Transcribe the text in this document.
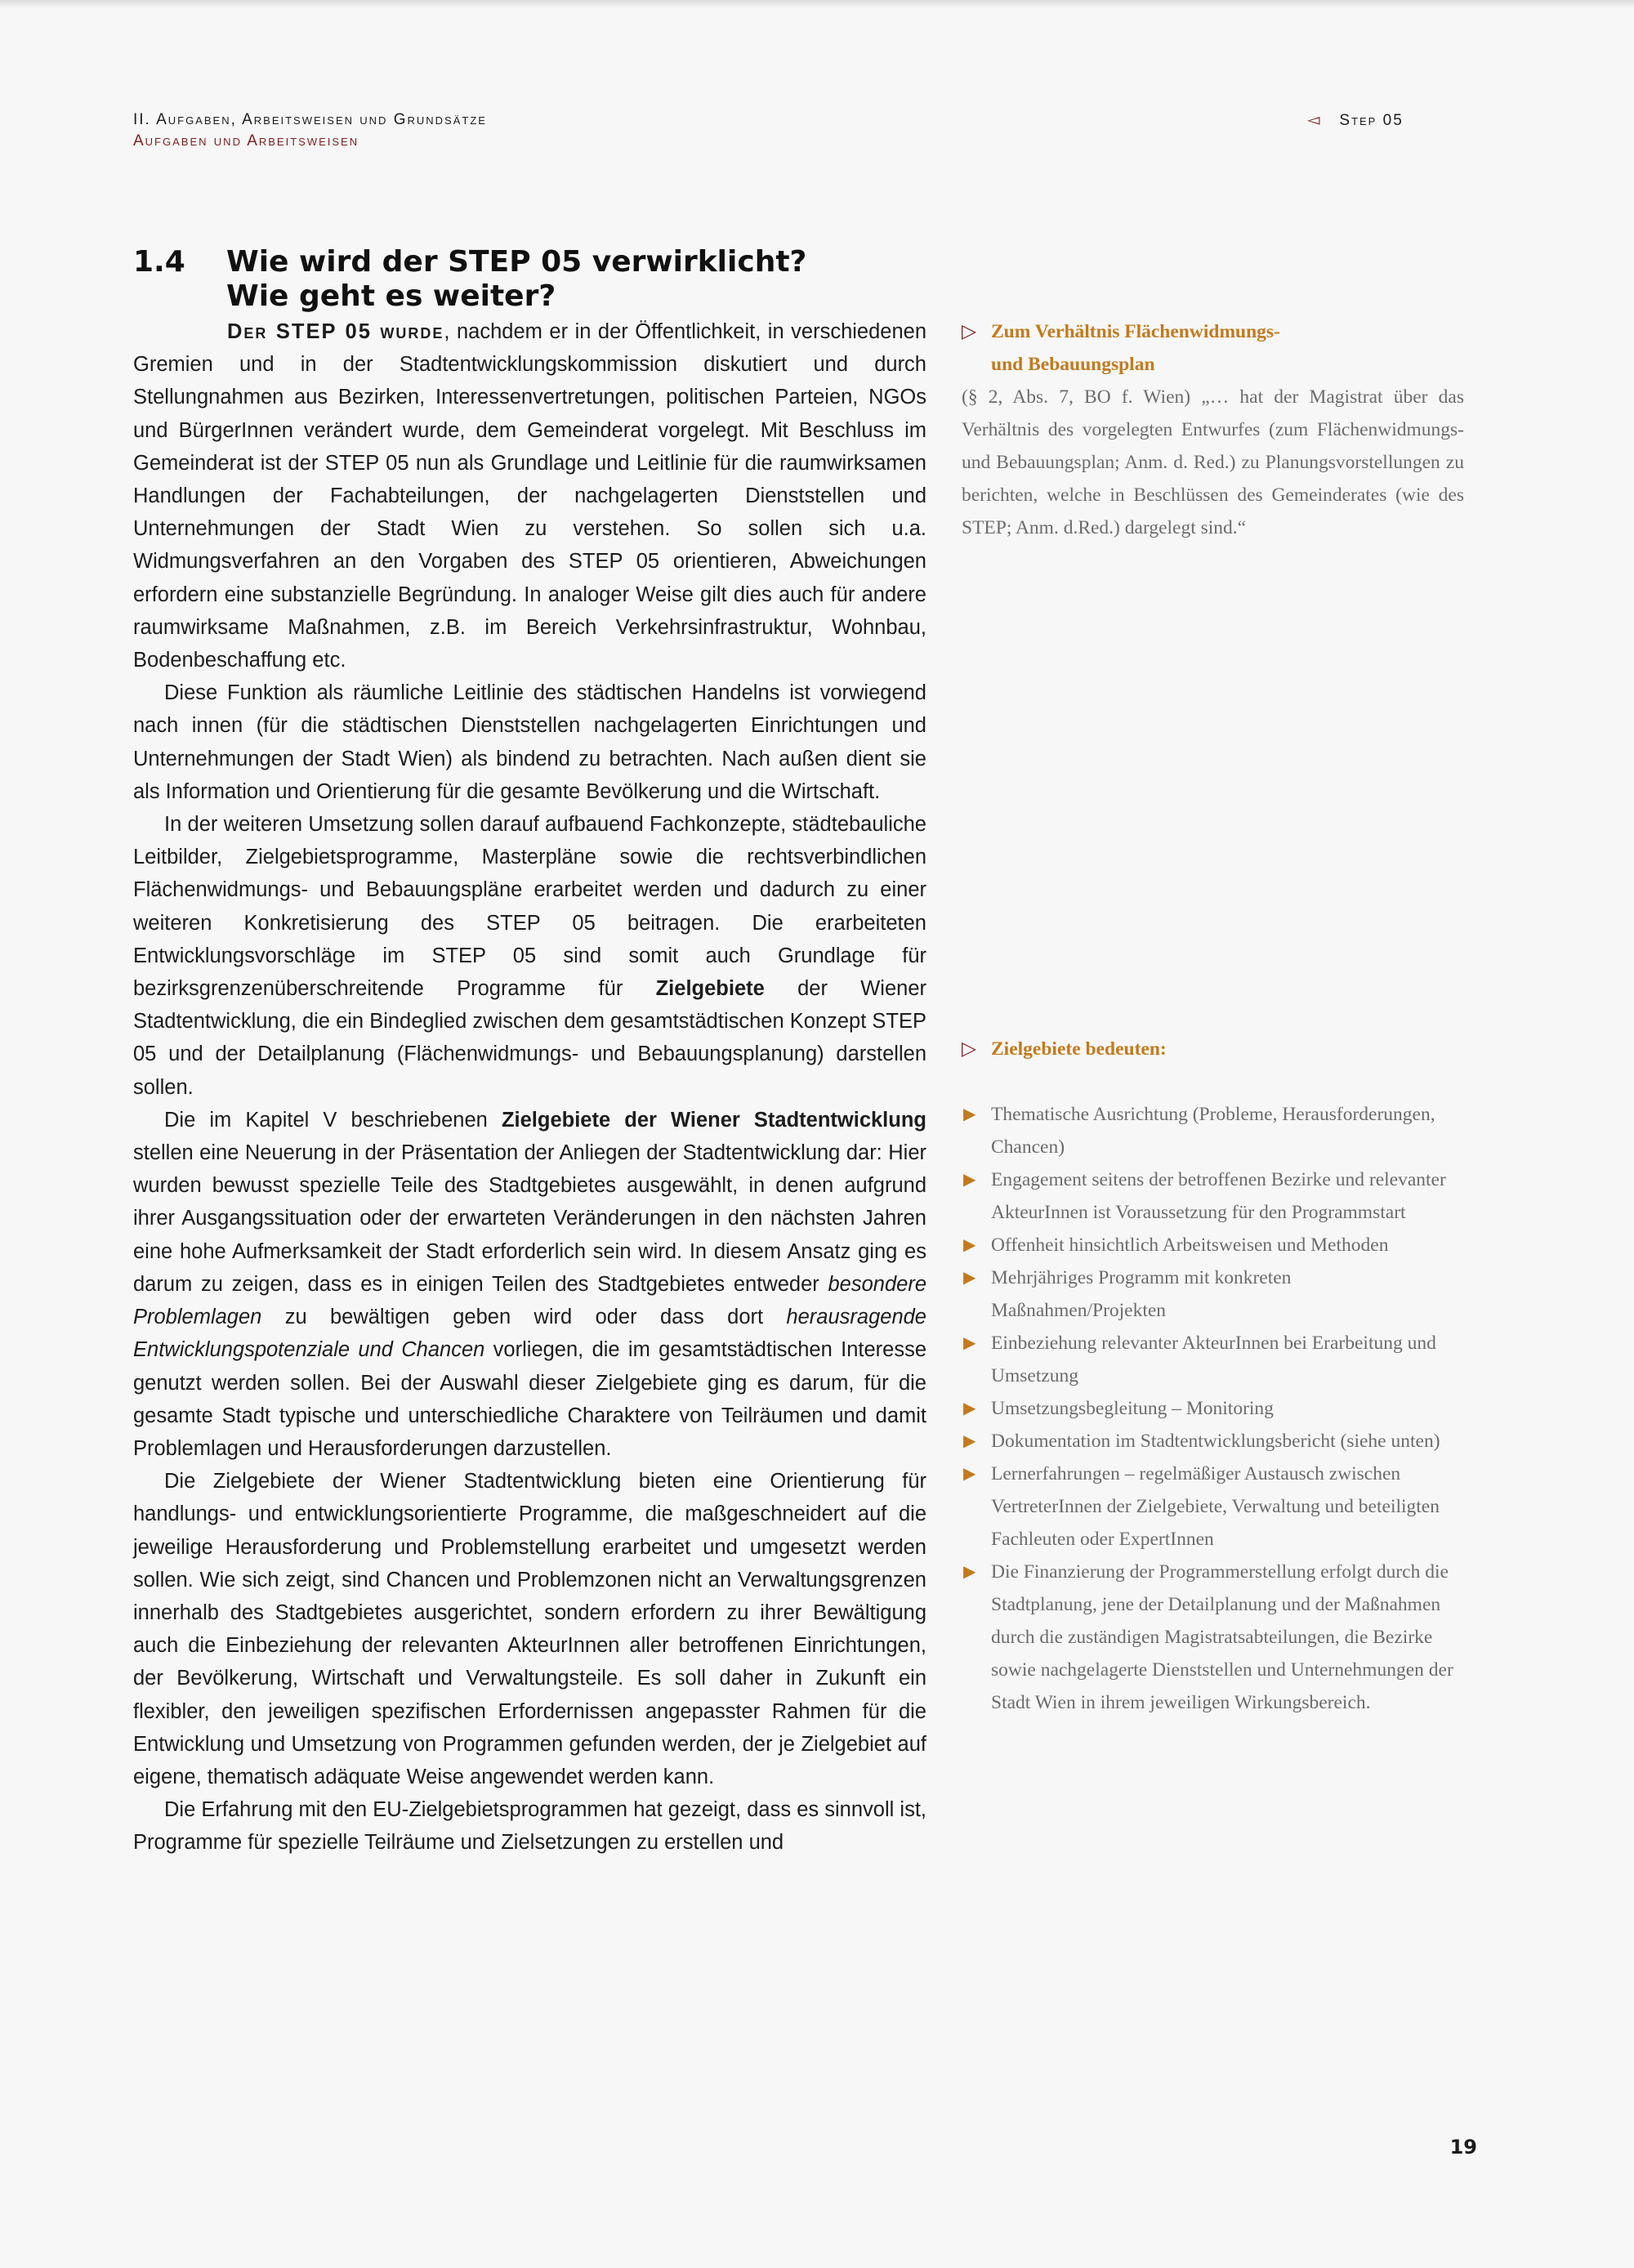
II. Aufgaben, Arbeitsweisen und Grundsätze
Aufgaben und Arbeitsweisen
◅ Step 05
1.4 Wie wird der STEP 05 verwirklicht?
Wie geht es weiter?

Der STEP 05 wurde, nachdem er in der Öffentlichkeit, in verschiedenen Gremien und in der Stadtentwicklungskommission diskutiert und durch Stellungnahmen aus Bezirken, Interessenvertretungen, politischen Parteien, NGOs und BürgerInnen verändert wurde, dem Gemeinderat vorgelegt. Mit Beschluss im Gemeinderat ist der STEP 05 nun als Grundlage und Leitlinie für die raumwirksamen Handlungen der Fachabteilungen, der nachgelagerten Dienststellen und Unternehmungen der Stadt Wien zu verstehen. So sollen sich u.a. Widmungsverfahren an den Vorgaben des STEP 05 orientieren, Abweichungen erfordern eine substanzielle Begründung. In analoger Weise gilt dies auch für andere raumwirksame Maßnahmen, z.B. im Bereich Verkehrsinfrastruktur, Wohnbau, Bodenbeschaffung etc.

Diese Funktion als räumliche Leitlinie des städtischen Handelns ist vorwiegend nach innen (für die städtischen Dienststellen nachgelagerten Einrichtungen und Unternehmungen der Stadt Wien) als bindend zu betrachten. Nach außen dient sie als Information und Orientierung für die gesamte Bevölkerung und die Wirtschaft.

In der weiteren Umsetzung sollen darauf aufbauend Fachkonzepte, städtebauliche Leitbilder, Zielgebietsprogramme, Masterpläne sowie die rechtsverbindlichen Flächenwidmungs- und Bebauungspläne erarbeitet werden und dadurch zu einer weiteren Konkretisierung des STEP 05 beitragen. Die erarbeiteten Entwicklungsvorschläge im STEP 05 sind somit auch Grundlage für bezirksgrenzenüberschreitende Programme für Zielgebiete der Wiener Stadtentwicklung, die ein Bindeglied zwischen dem gesamtstädtischen Konzept STEP 05 und der Detailplanung (Flächenwidmungs- und Bebauungsplanung) darstellen sollen.

Die im Kapitel V beschriebenen Zielgebiete der Wiener Stadtentwicklung stellen eine Neuerung in der Präsentation der Anliegen der Stadtentwicklung dar: Hier wurden bewusst spezielle Teile des Stadtgebietes ausgewählt, in denen aufgrund ihrer Ausgangssituation oder der erwarteten Veränderungen in den nächsten Jahren eine hohe Aufmerksamkeit der Stadt erforderlich sein wird. In diesem Ansatz ging es darum zu zeigen, dass es in einigen Teilen des Stadtgebietes entweder besondere Problemlagen zu bewältigen geben wird oder dass dort herausragende Entwicklungspotenziale und Chancen vorliegen, die im gesamtstädtischen Interesse genutzt werden sollen. Bei der Auswahl dieser Zielgebiete ging es darum, für die gesamte Stadt typische und unterschiedliche Charaktere von Teilräumen und damit Problemlagen und Herausforderungen darzustellen.

Die Zielgebiete der Wiener Stadtentwicklung bieten eine Orientierung für handlungs- und entwicklungsorientierte Programme, die maßgeschneidert auf die jeweilige Herausforderung und Problemstellung erarbeitet und umgesetzt werden sollen. Wie sich zeigt, sind Chancen und Problemzonen nicht an Verwaltungsgrenzen innerhalb des Stadtgebietes ausgerichtet, sondern erfordern zu ihrer Bewältigung auch die Einbeziehung der relevanten AkteurInnen aller betroffenen Einrichtungen, der Bevölkerung, Wirtschaft und Verwaltungsteile. Es soll daher in Zukunft ein flexibler, den jeweiligen spezifischen Erfordernissen angepasster Rahmen für die Entwicklung und Umsetzung von Programmen gefunden werden, der je Zielgebiet auf eigene, thematisch adäquate Weise angewendet werden kann.

Die Erfahrung mit den EU-Zielgebietsprogrammen hat gezeigt, dass es sinnvoll ist, Programme für spezielle Teilräume und Zielsetzungen zu erstellen und

▷ Zum Verhältnis Flächenwidmungs-
und Bebauungsplan
(§ 2, Abs. 7, BO f. Wien) „… hat der Magistrat über das Verhältnis des vorgelegten Entwurfes (zum Flächenwidmungs- und Bebauungsplan; Anm. d. Red.) zu Planungsvorstellungen zu berichten, welche in Beschlüssen des Gemeinderates (wie des STEP; Anm. d.Red.) dargelegt sind.“
▷ Zielgebiete bedeuten:
▶ Thematische Ausrichtung (Probleme, Herausforderungen, Chancen)
▶ Engagement seitens der betroffenen Bezirke und relevanter AkteurInnen ist Voraussetzung für den Programmstart
▶ Offenheit hinsichtlich Arbeitsweisen und Methoden
▶ Mehrjähriges Programm mit konkreten Maßnahmen/Projekten
▶ Einbeziehung relevanter AkteurInnen bei Erarbeitung und Umsetzung
▶ Umsetzungsbegleitung – Monitoring
▶ Dokumentation im Stadtentwicklungsbericht (siehe unten)
▶ Lernerfahrungen – regelmäßiger Austausch zwischen VertreterInnen der Zielgebiete, Verwaltung und beteiligten Fachleuten oder ExpertInnen
▶ Die Finanzierung der Programmerstellung erfolgt durch die Stadtplanung, jene der Detailplanung und der Maßnahmen durch die zuständigen Magistratsabteilungen, die Bezirke sowie nachgelagerte Dienststellen und Unternehmungen der Stadt Wien in ihrem jeweiligen Wirkungsbereich.
19
